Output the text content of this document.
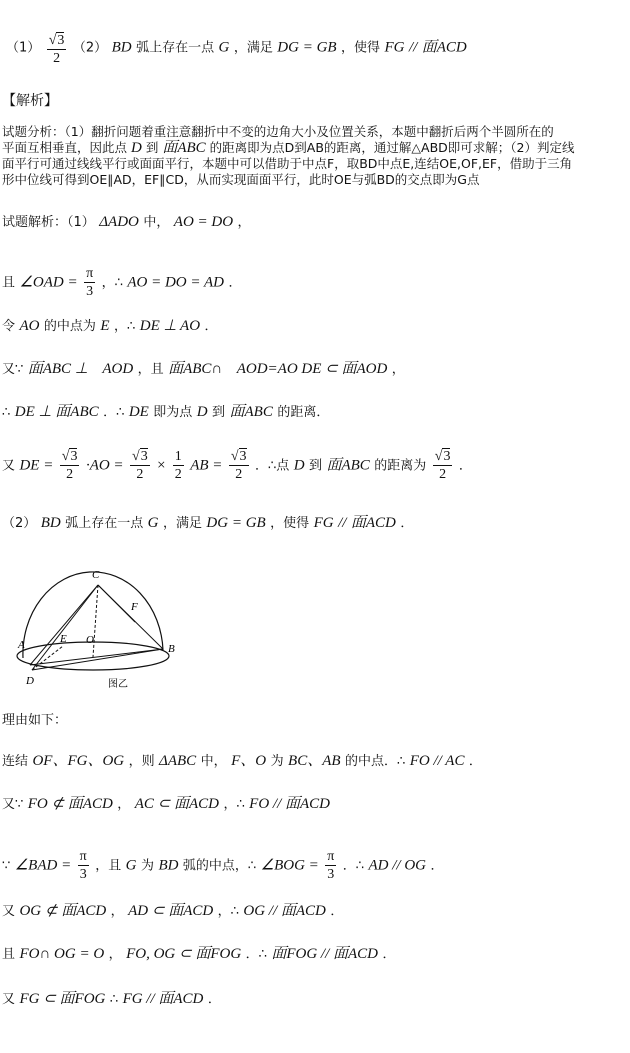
$(1) \frac{√3}{2} (2)$ BD 弧上存在一点 G ，满足 DG = GB ，使得 FG // 面ACD
【解析】
试题分析：（1）翻折问题着重注意翻折中不变的边角大小及位置关系，本题中翻折后两个半圆所在的
平面互相垂直，因此点 D 到 面ABC 的距离即为点D到AB的距离，通过解△ABD即可求解；（2）判定线
面平行可通过线线平行或面面平行，本题中可以借助于中点F，取BD中点E,连结OE,OF,EF，借助于三角
形中位线可得到OE∥AD，EF∥CD，从而实现面面平行，此时OE与弧BD的交点即为G点
试题解析：（1） ΔADO 中， AO = DO ，
且 ∠OAD = $\frac{\pi}{3}$ ，∴ AO = DO = AD ．
令 AO 的中点为 E ，∴ DE ⊥ AO ．
又∵ 面ABC ⊥ AOD ，且 面ABC∩ AOD=AO DE ⊂ 面AOD ，
∴ DE ⊥ 面ABC ．∴ DE 即为点 D 到 面ABC 的距离．
又 DE = $\frac{√3}{2} \cdot AO = \frac{√3}{2} \times \frac{1}{2}$ AB = $\frac{√3}{2}$ ．∴点 D 到 面ABC 的距离为 $\frac{√3}{2}$ ．
（2） BD 弧上存在一点 G ，满足 DG = GB ，使得 FG // 面ACD ．
C
F
E O
A	B
D	图乙
理由如下：
连结 OF、FG、OG ，则 ΔABC 中， F、O 为 BC、AB 的中点．∴ FO // AC ．
又∵ FO ⊄ 面ACD ， AC ⊂ 面ACD ，∴ FO // 面ACD
∵ ∠BAD = $\frac{\pi}{3}$ ，且 G 为 BD 弧的中点，∴ ∠BOG = $\frac{\pi}{3}$ ．∴ AD // OG ．
又 OG ⊄ 面ACD ， AD ⊂ 面ACD ，∴ OG // 面ACD ．
且 FO∩ OG = O ， FO, OG ⊂ 面FOG ．∴ 面FOG // 面ACD ．
又 FG ⊂ 面FOG ∴ FG // 面ACD ．
